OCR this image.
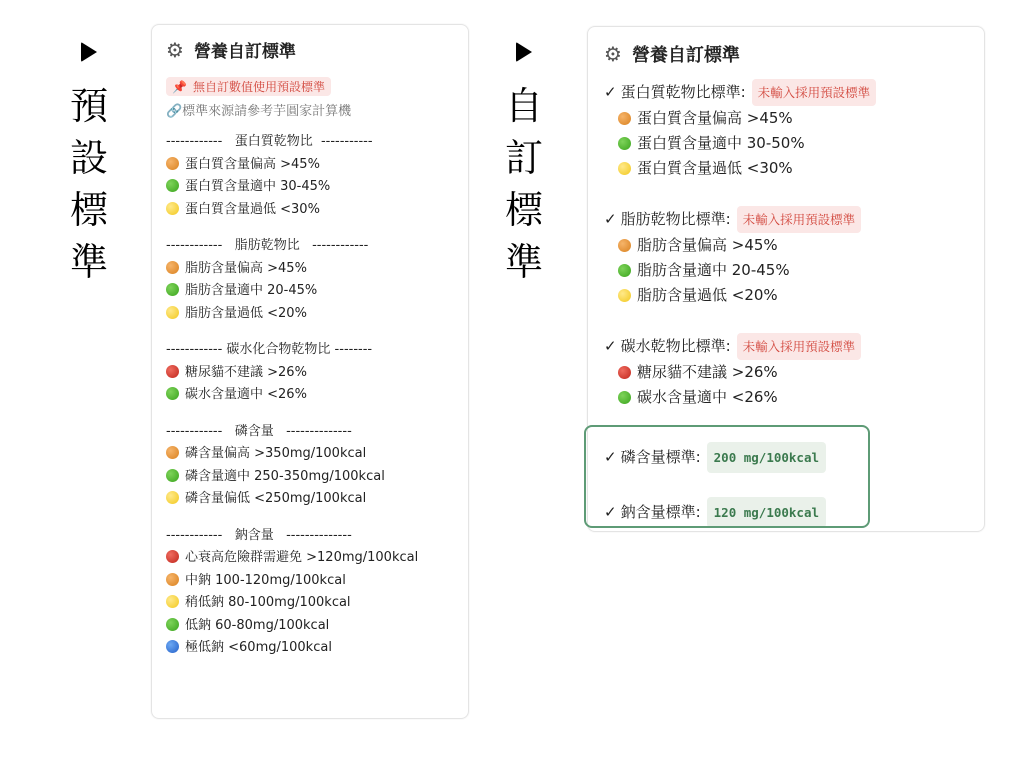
預
設
標
準
自
訂
標
準
⚙ 營養自訂標準
📌 無自訂數值使用預設標準
🔗標準來源請參考芋圓家計算機
------------   蛋白質乾物比  -----------
蛋白質含量偏高 >45%
蛋白質含量適中 30-45%
蛋白質含量過低 <30%
------------   脂肪乾物比   ------------
脂肪含量偏高 >45%
脂肪含量適中 20-45%
脂肪含量過低 <20%
------------ 碳水化合物乾物比 --------
糖尿貓不建議 >26%
碳水含量適中 <26%
------------   磷含量   --------------
磷含量偏高 >350mg/100kcal
磷含量適中 250-350mg/100kcal
磷含量偏低 <250mg/100kcal
------------   鈉含量   --------------
心衰高危險群需避免 >120mg/100kcal
中鈉 100-120mg/100kcal
稍低鈉 80-100mg/100kcal
低鈉 60-80mg/100kcal
極低鈉 <60mg/100kcal
⚙ 營養自訂標準
✓ 蛋白質乾物比標準: 未輸入採用預設標準
蛋白質含量偏高 >45%
蛋白質含量適中 30-50%
蛋白質含量過低 <30%
✓ 脂肪乾物比標準: 未輸入採用預設標準
脂肪含量偏高 >45%
脂肪含量適中 20-45%
脂肪含量過低 <20%
✓ 碳水乾物比標準: 未輸入採用預設標準
糖尿貓不建議 >26%
碳水含量適中 <26%
✓ 磷含量標準:	200 mg/100kcal
✓ 鈉含量標準:	120 mg/100kcal
